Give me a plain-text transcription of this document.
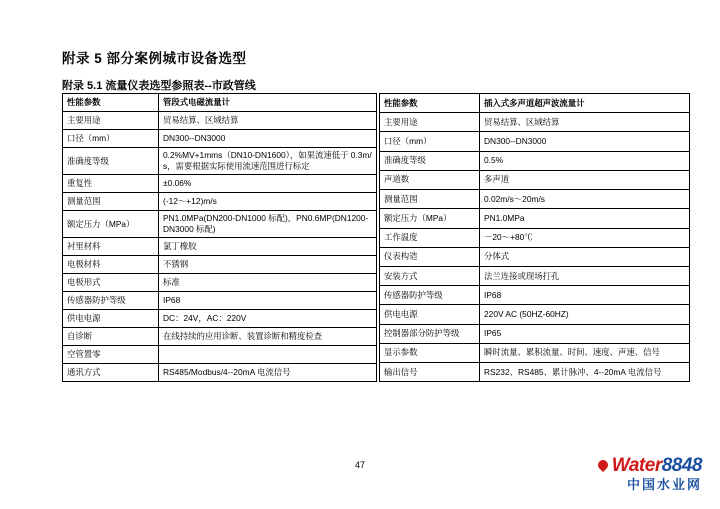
附录 5 部分案例城市设备选型
附录 5.1 流量仪表选型参照表--市政管线
性能参数	管段式电磁流量计
主要用途	贸易结算、区域结算
口径（mm）	DN300--DN3000
准确度等级	0.2%MV+1mms（DN10-DN1600），如果流速低于 0.3m/s，需要根据实际使用流速范围进行标定
重复性	±0.06%
测量范围	(-12～+12)m/s
额定压力（MPa）	PN1.0MPa(DN200-DN1000 标配)，PN0.6MP(DN1200-DN3000 标配)
衬里材料	氯丁橡胶
电极材料	不锈钢
电极形式	标准
传感器防护等级	IP68
供电电源	DC：24V，AC：220V
自诊断	在线持续的应用诊断、装置诊断和精度检查
空管置零	
通讯方式	RS485/Modbus/4--20mA 电流信号
性能参数	插入式多声道超声波流量计
主要用途	贸易结算、区域结算
口径（mm）	DN300--DN3000
准确度等级	0.5%
声道数	多声道
测量范围	0.02m/s～20m/s
额定压力（MPa）	PN1.0MPa
工作温度	－20～+80℃
仪表构造	分体式
安装方式	法兰连接或现场打孔
传感器防护等级	IP68
供电电源	220V AC (50HZ-60HZ)
控制器部分防护等级	IP65
显示参数	瞬时流量、累积流量、时间、速度、声速、信号
输出信号	RS232、RS485、累计脉冲、4--20mA 电流信号
47	Water8848
中国水业网
